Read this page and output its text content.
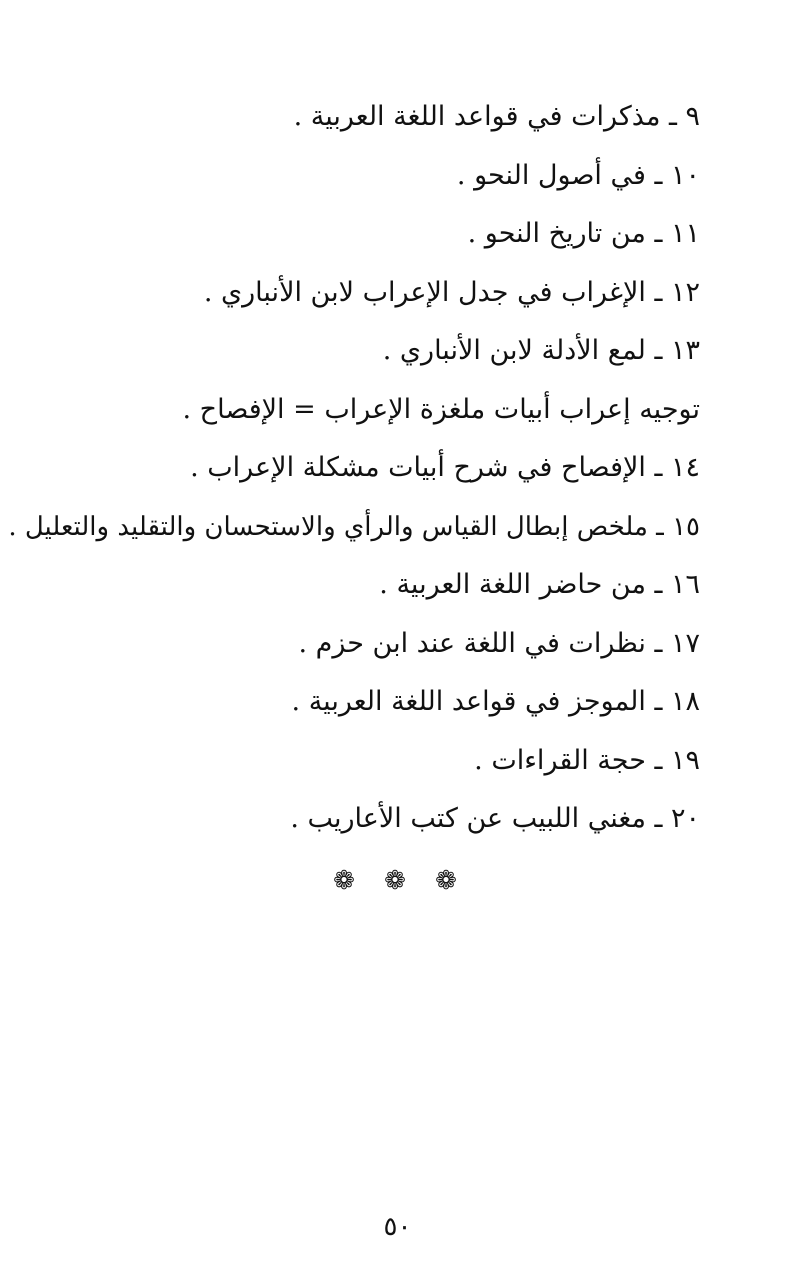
٩ ـ مذكرات في قواعد اللغة العربية .
١٠ ـ في أصول النحو .
١١ ـ من تاريخ النحو .
١٢ ـ الإغراب في جدل الإعراب لابن الأنباري .
١٣ ـ لمع الأدلة لابن الأنباري .
توجيه إعراب أبيات ملغزة الإعراب = الإفصاح .
١٤ ـ الإفصاح في شرح أبيات مشكلة الإعراب .
١٥ ـ ملخص إبطال القياس والرأي والاستحسان والتقليد والتعليل .
١٦ ـ من حاضر اللغة العربية .
١٧ ـ نظرات في اللغة عند ابن حزم .
١٨ ـ الموجز في قواعد اللغة العربية .
١٩ ـ حجة القراءات .
٢٠ ـ مغني اللبيب عن كتب الأعاريب .
❁ ❁ ❁
٥٠
